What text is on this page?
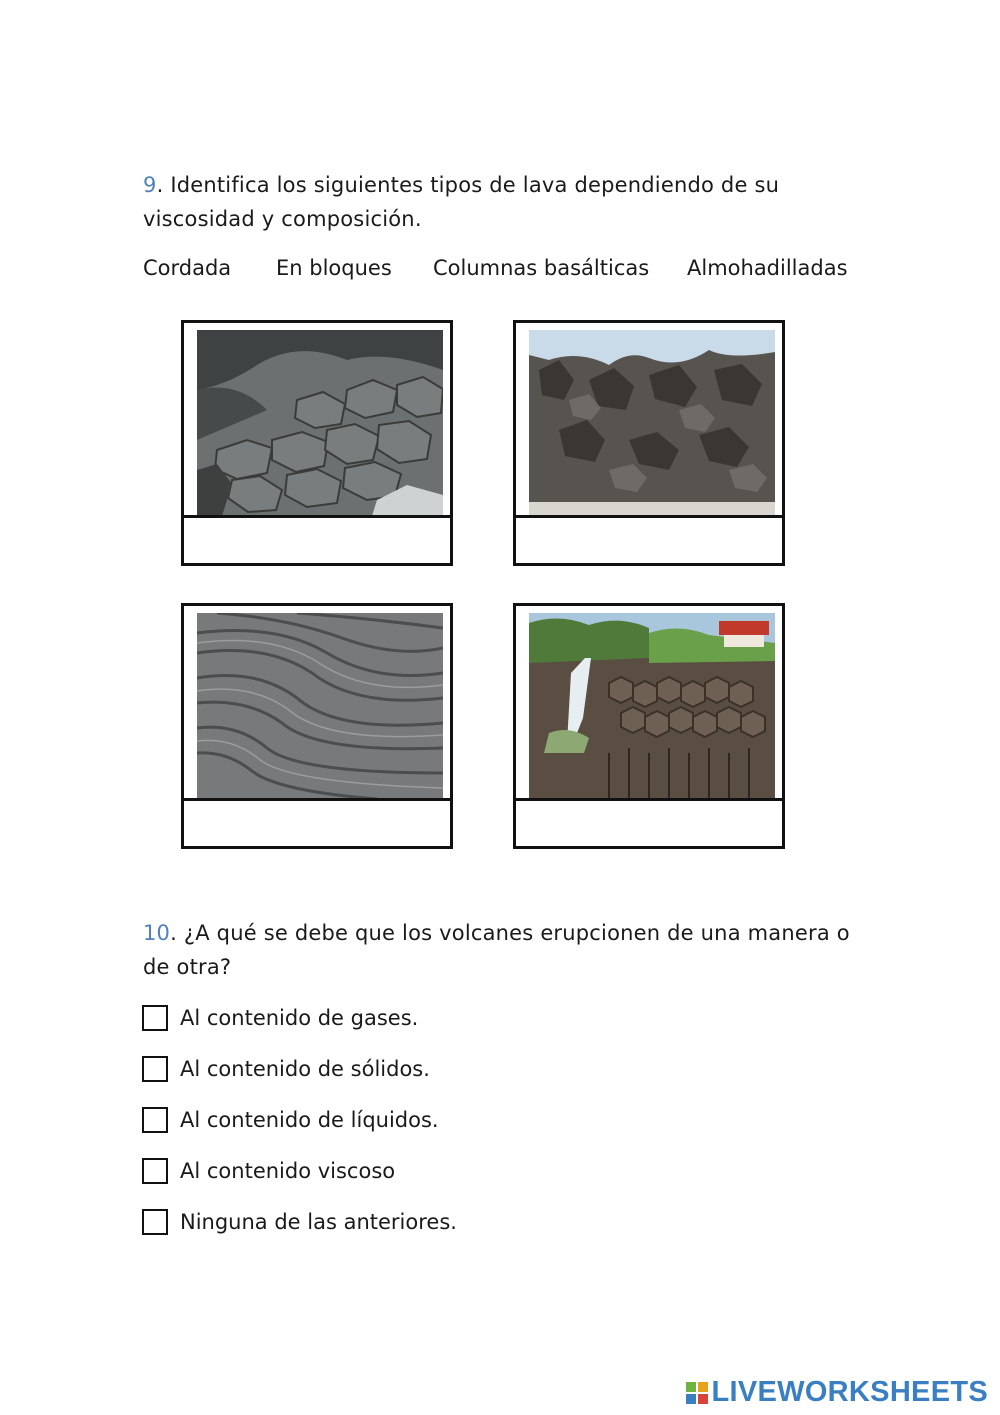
9. Identifica los siguientes tipos de lava dependiendo de su viscosidad y composición.
Cordada En bloques Columnas basálticas Almohadilladas
10. ¿A qué se debe que los volcanes erupcionen de una manera o de otra?
Al contenido de gases.
Al contenido de sólidos.
Al contenido de líquidos.
Al contenido viscoso
Ninguna de las anteriores.
LIVEWORKSHEETS
